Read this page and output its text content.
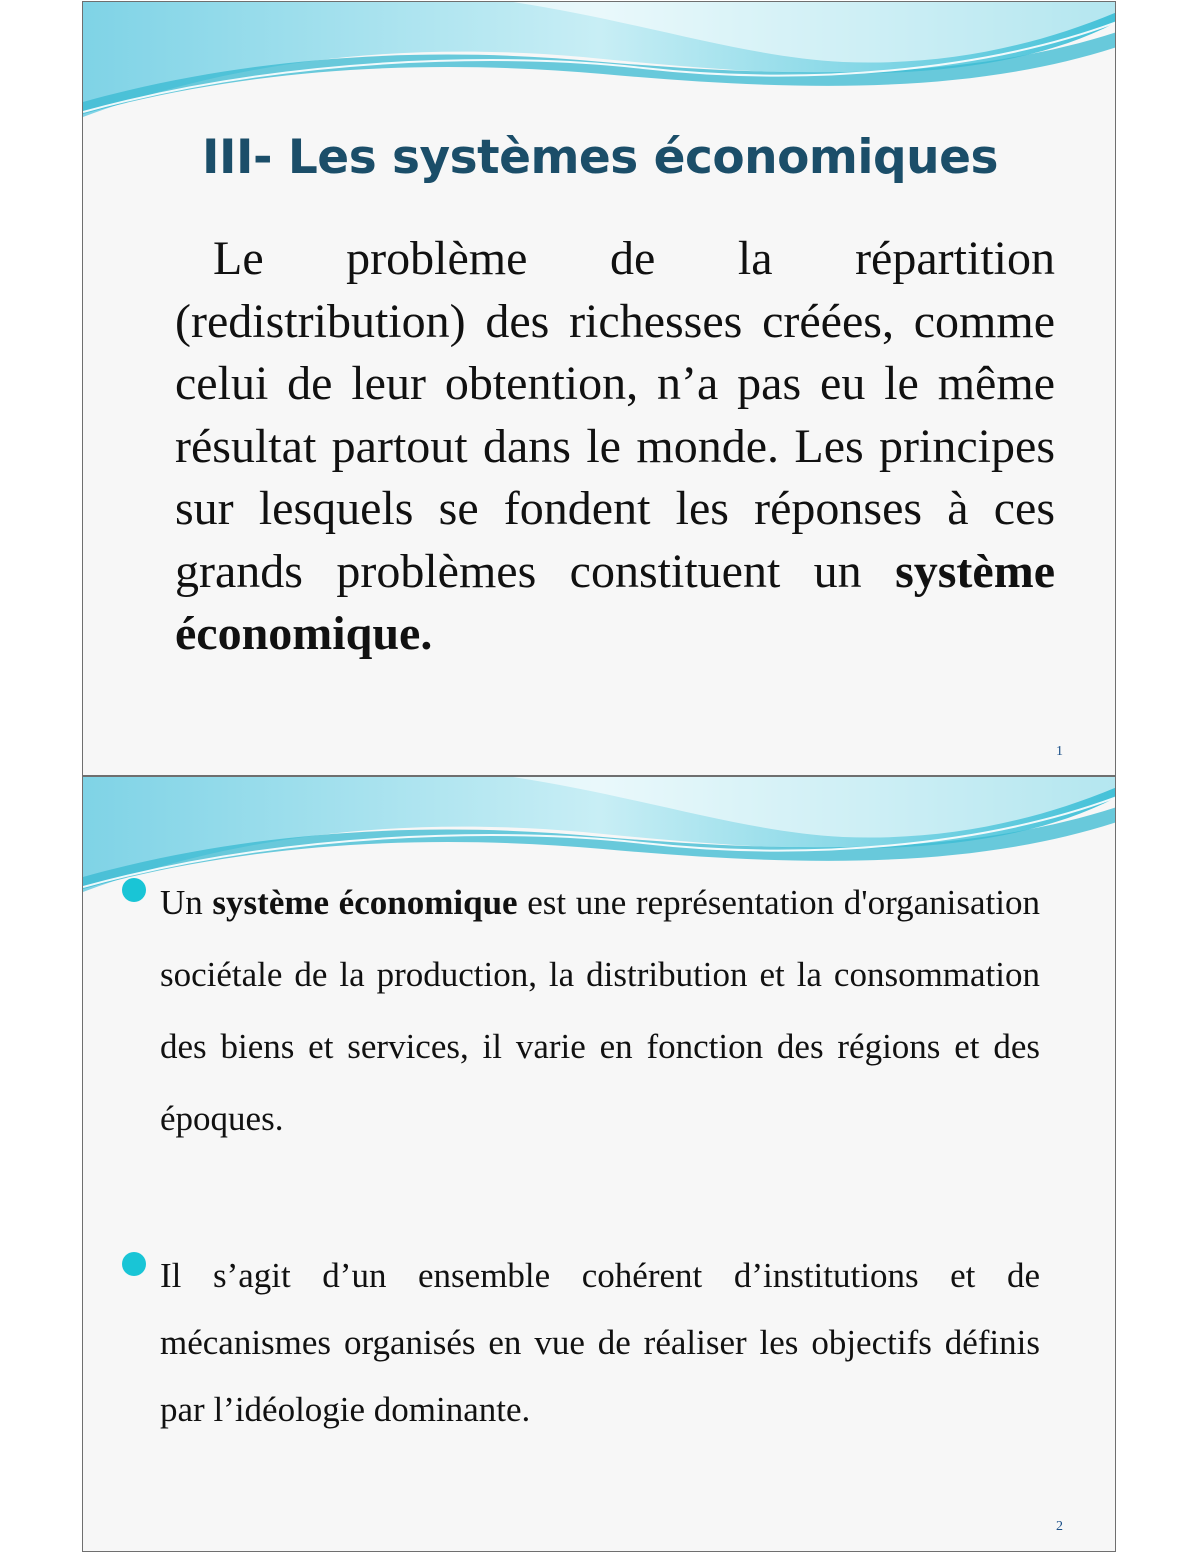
III- Les systèmes économiques

Le problème de la répartition (redistribution) des richesses créées, comme celui de leur obtention, n’a pas eu le même résultat partout dans le monde. Les principes sur lesquels se fondent les réponses à ces grands problèmes constituent un système économique.

1

Un système économique est une représentation d'organisation sociétale de la production, la distribution et la consommation des biens et services, il varie en fonction des régions et des époques.

Il s’agit d’un ensemble cohérent d’institutions et de mécanismes organisés en vue de réaliser les objectifs définis par l’idéologie dominante.

2
